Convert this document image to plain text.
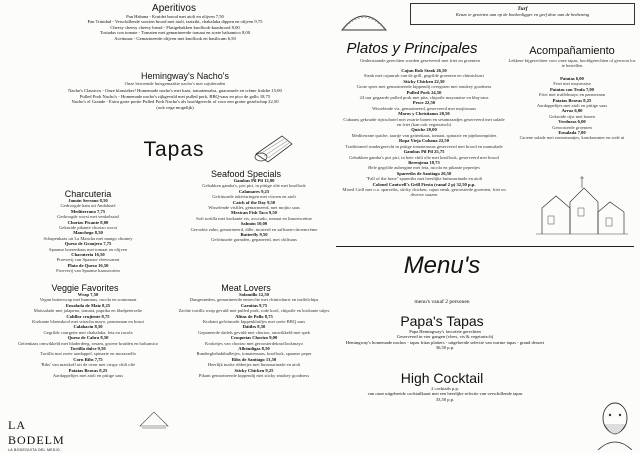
Aperitivos
Pan Habana - Kruidet brood met aioli en olijven 7,50
Pan Trinidad - Verschillende soorten brood met aioli, tzatziki, chakalaka dippen en olijven 9,75
Cheesy cheesy cheesy bread - Flatigebakken knoflook-kaasbrood 8,00
Tostadas con tomate - Tomaten met gemarineerde tomaat en soete balsamico 8,00
Aceitunas - Gemarineerde olijven met knoflook en basilicum 6,50
Hemingway's Nacho's
Onze beroemde huisgemaakte nacho's met sajsderaden
Nacho's Classicos - Onze klassieker! Homemade nacho's met kaas, tomatensalsa, guacamole en crème fraîche 15,00
Pulled Pork Nacho's - Homemade nacho's rijkgevuld met pulled pork, BBQ-saus en pico de gallo 18,75
Nacho's el Grande - Extra grote portie Pulled Pork Nacho's als hoofdgerecht of voor een groter gezelschap 22,50
(ook vega mogelijk)
Tapas
Charcuteria
Jamón Serrano 8,50
Gedroogde ham uit Andalusië
Mediterrano 7,75
Gedroogde worst met venkelzaad
Chorizo Picante 8,00
Gekruide pikante chorizo worst
Manchego 8,50
Schapenkaas uit La Mancha met mango chutney
Queso de Granjero 7,75
Spaanse boerenkaas met tomaat en olijven
Chacuteria 16,50
Proeverij van Spaanse vleeswaren
Plato de Queso 16,50
Proeverij van Spaanse kaassoorten
Veggie Favorites
Wrap 7,50
Vegan botterwrap met hummus, rucola en sontomaat
Ensalada de Maiz 8,25
Maissalade met jalapeno, tomaat, paprika en bladpeterselie
Coliflor crujiente 8,75
Krokante bloemkool met sriracha mayo, parmezaan en bosui
Calabacín 8,50
Gegrilde courgette met chakalaka, feta en rucola
Queso de Cabra 8,50
Geitenkaas omwikkeld met bladerdeeg, sesam, groene kruiden en balsamico
Tortilla dulce 9,50
Tortilla met zoete aardappel, spinazie en mozzarella
Corn Ribs 7,75
'Ribs' van maiskolf uit de oven met crispy chili olie
Patatas Bravas 8,25
Aardappeltjes met aioli en pittige saus
Seafood Specials
Gambas Pil Pil 12,00
Gebakken gamba's, piri piri, in pittige olie met knoflook
Calamares 9,25
Gefrituurde inktvisringen met citroen en aioli
Catch of the Day 9,50
Wisselende visfilet, gemarineerd, met mojito saus
Mexican Fish Taco 9,50
Soft tortilla met krokante vis, avocado, tomaat en limoencrème
Salmón 10,00
Gerookte zalm, gemarineerd, dille, mosterd en saffraan-citroencrème
Butterfly 9,50
Gefrituurde garnalen, gepaneerd, met chilisaus
Meat Lovers
Solomillo 12,50
Dungesneden, gemarineerde entrecôte met chimichurri en truffelchips
Carnitas 9,75
Zachte tortilla wrap gevuld met pulled pork, rode kool, chipotle en krokante uitjes
Alitas de Pollo 8,75
Krokant gefrituurde kippenkluifjes met soete BBQ saus
Dátiles 8,50
Gepaneerde dadels gevuld met chorizo, omwikkeld met spek
Croquetas Chorizo 9,00
Kroketjes van chorizo met geroosterdeknoflookmayo
Albóndigas 8,50
Runderghehaktballetjes, tomatensaus, knoflook, spaanse peper
Ribs de Santiago 13,50
Heerlijk malse ribbetjes met huismarinade en aioli
Sticky Chicken 9,25
Pikant gemarineerde kippendij met sticky smokey goodness
Turf
Keuze te genieten aan op de boekenligger en geef deze aan de bediening
Platos y Principales
Onderstaande gerechten worden geserveerd met friet en groenten
Cajun Rub Steak 26,50
Steak met cajunrub van de grill, gegrilde groenten en chimichurri
Sticky Chicken 22,50
Grote spies met gemarineerde kippendij overgoten met smokey goodness
Pulled Pork 24,50
24 uur gegaarde pulled pork met pita, chipotle mayonaise en bbq-saus
Pesce 22,50
Wisselende vis, gemarineerd, geserveerd met mojitosaus
Moros y Christianos 20,50
Cubaans gekruide rijstschotel met zwarte bonen en sesamzaadjes geserveerd met salade en friet (kan ook vegetarisch)
Quiche 20,00
Mediterrane quiche, taartje van geitenkaas, tomaat, spinazie en pijnboompitten
Ropa Vieja Cubana 22,50
Traditioneel rundergerecht in pittige tomatensaus geserveerd met brood en mansalade
Gambas Pil Pil 25,75
Gebakken gamba's piri piri, in hete chili olie met knoflook, geserveerd met brood
Berenjena 18,75
Hele gegrilde aubergine met feta, rucola en pikante pepertjes
Spareribs de Santiago 26,50
"Fall of the bone" spareribs met heerlijke huismarinade en aioli
Colonel Cantwell's Grill Fiesta (vanaf 2 p) 32,50 p.p.
Mixed Grill met o.a. spareribs, sticky chicken, cajun steak, geroosterde groenten, friet en diverse sauzen
Acompañamiento
Lekkere bijgerechten voor onze tapas, hoofdgerechten of gewoon los te bestellen
Patatas 6,00
Friet met mayonaise
Patatas con Trufa 7,00
Friet met truffelmayo en parmezaan
Patatas Bravas 8,25
Aardappeltjes met aioli en pittige saus
Arroz 6,00
Gekruide rijst met bonen
Verduras 6,00
Geroosterde groenten
Ensalada 7,00
Groene salade met zontomaatjes, komkommer en rode ui
Menu's
menu's vanaf 2 personen
Papa's Tapas
Papa Hemingway's favoriete gerechten
Geserveerd in vier gangen (vlees, vis & vegetarisch)
Hemingway's homemade nachos - tapas fritas platters - uitgebreide selectie van warme tapas - grand dessert
36,50 p.p.
High Cocktail
2 cocktails p.p.
van onze uitgebreide cocktailkaart met een heerlijke selectie van verschillende tapas
33,50 p.p.
LA BODELM
LA BODEGUITA DEL MEDIO
